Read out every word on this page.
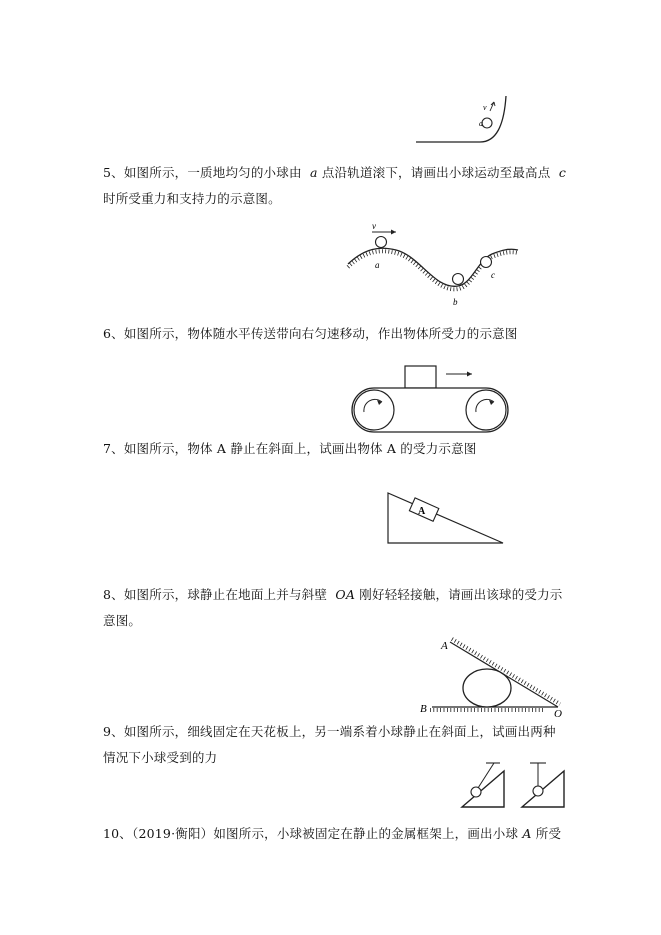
v
a
5、如图所示，一质地均匀的小球由 a 点沿轨道滚下，请画出小球运动至最高点 c
时所受重力和支持力的示意图。
v
a
b
c
6、如图所示，物体随水平传送带向右匀速移动，作出物体所受力的示意图
7、如图所示，物体 A 静止在斜面上，试画出物体 A 的受力示意图
A
8、如图所示，球静止在地面上并与斜壁 OA 刚好轻轻接触，请画出该球的受力示
意图。
A
B	O
9、如图所示，细线固定在天花板上，另一端系着小球静止在斜面上，试画出两种
情况下小球受到的力
10、（2019·衡阳）如图所示，小球被固定在静止的金属框架上，画出小球 A 所受
